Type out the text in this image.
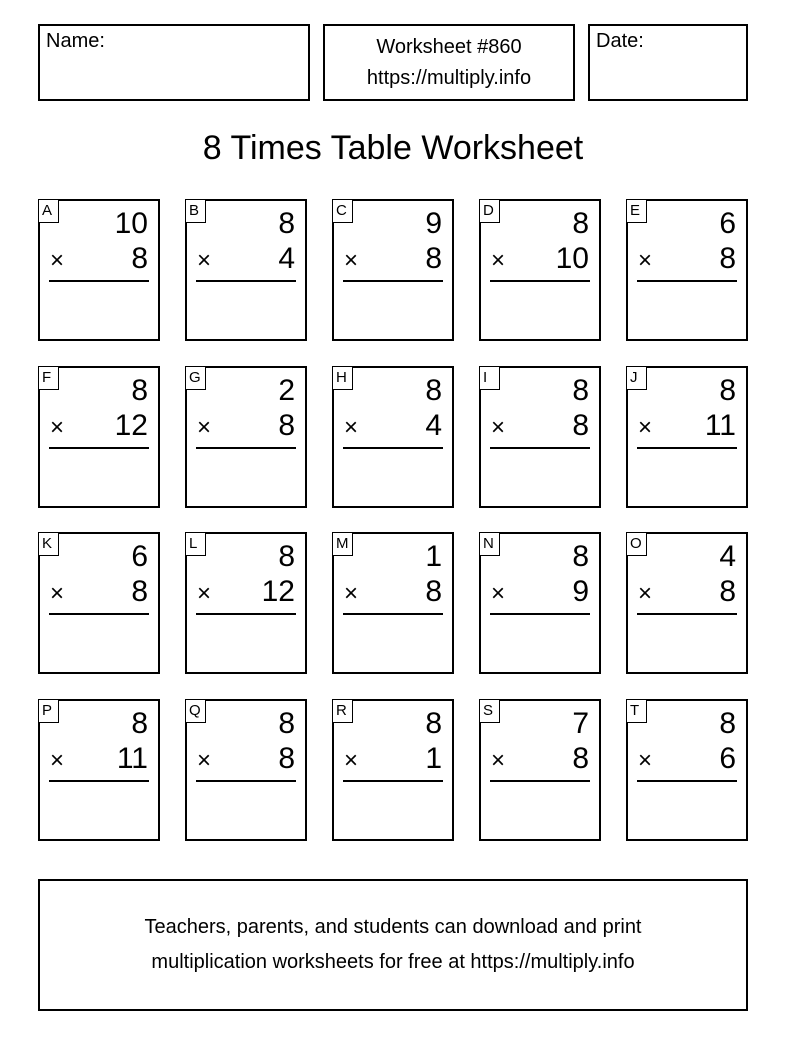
Name:	Worksheet #860
https://multiply.info
Date:
8 Times Table Worksheet
A 10
× 8
B	8
× 4
C	9
× 8
D	8
× 10
E	6
× 8
F	8
× 12
G	2
× 8
H	8
× 4
I	8
× 8
J	8
× 11
K	6
× 8
L	8
× 12
M	1
× 8
N	8
× 9
O	4
× 8
P	8
× 11
Q	8
× 8
R	8
× 1
S	7
× 8
T	8
× 6
Teachers, parents, and students can download and print
multiplication worksheets for free at https://multiply.info
